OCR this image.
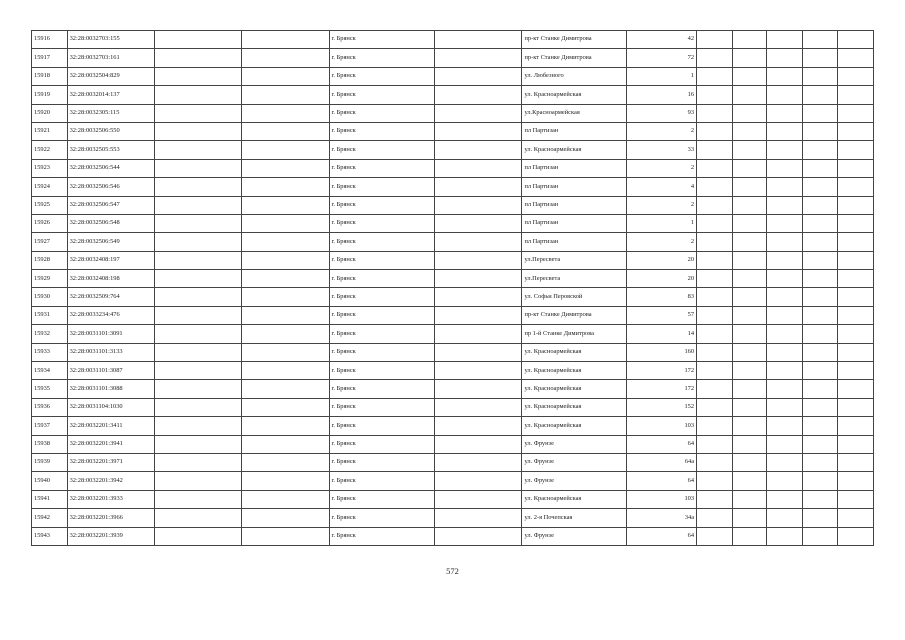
15916	32:28:0032703:155			г. Брянск		пр-кт Станке Димитрова	42					
15917	32:28:0032703:161			г. Брянск		пр-кт Станке Димитрова	72					
15918	32:28:0032504:829			г. Брянск		ул. Любезного	1					
15919	32:28:0032014:137			г. Брянск		ул. Красноармейская	16					
15920	32:28:0032305:115			г. Брянск		ул.Красноармейская	93					
15921	32:28:0032506:550			г. Брянск		пл Партизан	2					
15922	32:28:0032505:553			г. Брянск		ул. Красноармейская	33					
15923	32:28:0032506:544			г. Брянск		пл Партизан	2					
15924	32:28:0032506:546			г. Брянск		пл Партизан	4					
15925	32:28:0032506:547			г. Брянск		пл Партизан	2					
15926	32:28:0032506:548			г. Брянск		пл Партизан	1					
15927	32:28:0032506:549			г. Брянск		пл Партизан	2					
15928	32:28:0032408:197			г. Брянск		ул.Пересвета	20					
15929	32:28:0032408:198			г. Брянск		ул.Пересвета	20					
15930	32:28:0032509:764			г. Брянск		ул. Софьи Перовской	83					
15931	32:28:0033234:476			г. Брянск		пр-кт Станке Димитрова	57					
15932	32:28:0031101:3091			г. Брянск		пр 1-й Станке Димитрова	14					
15933	32:28:0031101:3133			г. Брянск		ул. Красноармейская	160					
15934	32:28:0031101:3087			г. Брянск		ул. Красноармейская	172					
15935	32:28:0031101:3088			г. Брянск		ул. Красноармейская	172					
15936	32:28:0031104:1030			г. Брянск		ул. Красноармейская	152					
15937	32:28:0032201:3411			г. Брянск		ул. Красноармейская	103					
15938	32:28:0032201:3941			г. Брянск		ул. Фрунзе	64					
15939	32:28:0032201:3971			г. Брянск		ул. Фрунзе	64а					
15940	32:28:0032201:3942			г. Брянск		ул. Фрунзе	64					
15941	32:28:0032201:3933			г. Брянск		ул. Красноармейская	103					
15942	32:28:0032201:3966			г. Брянск		ул. 2-я Почепская	34а					
15943	32:28:0032201:3939			г. Брянск		ул. Фрунзе	64					
572
